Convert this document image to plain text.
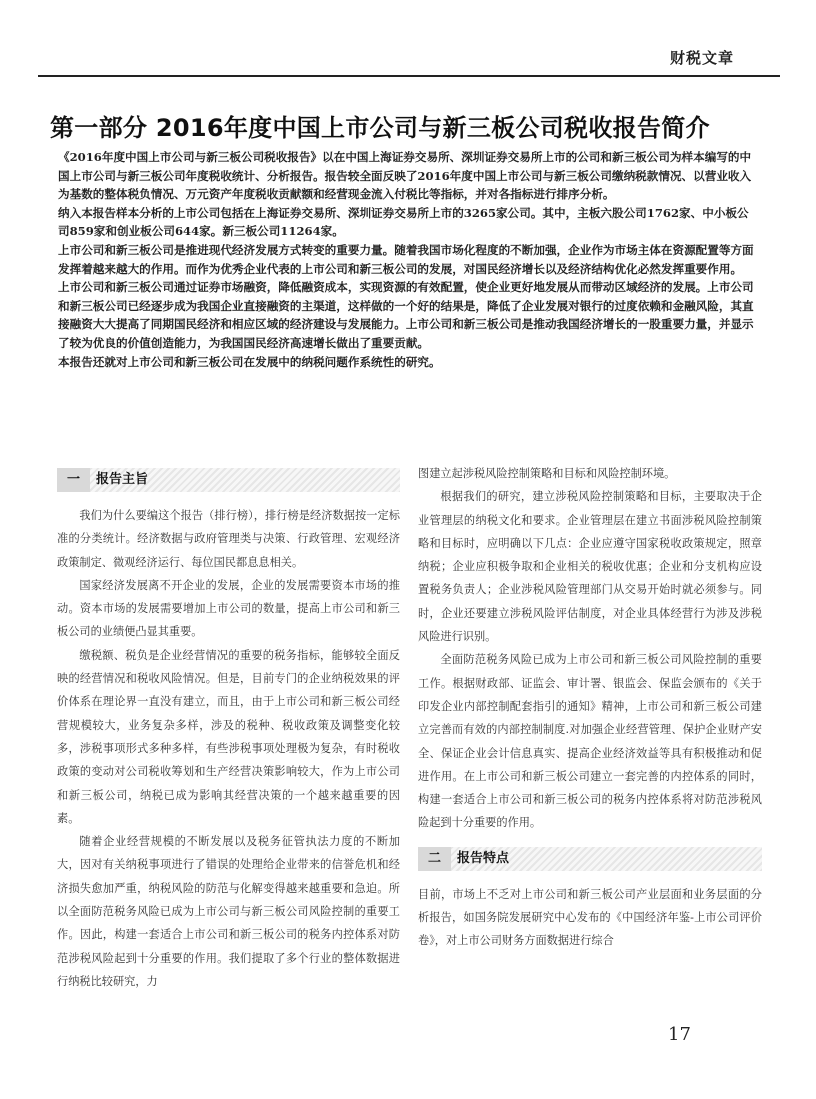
财税文章
第一部分 2016年度中国上市公司与新三板公司税收报告简介

《2016年度中国上市公司与新三板公司税收报告》以在中国上海证券交易所、深圳证券交易所上市的公司和新三板公司为样本编写的中国上市公司与新三板公司年度税收统计、分析报告。报告较全面反映了2016年度中国上市公司与新三板公司缴纳税款情况、以营业收入为基数的整体税负情况、万元资产年度税收贡献额和经营现金流入付税比等指标，并对各指标进行排序分析。

纳入本报告样本分析的上市公司包括在上海证券交易所、深圳证券交易所上市的3265家公司。其中，主板六股公司1762家、中小板公司859家和创业板公司644家。新三板公司11264家。

上市公司和新三板公司是推进现代经济发展方式转变的重要力量。随着我国市场化程度的不断加强，企业作为市场主体在资源配置等方面发挥着越来越大的作用。而作为优秀企业代表的上市公司和新三板公司的发展，对国民经济增长以及经济结构优化必然发挥重要作用。

上市公司和新三板公司通过证券市场融资，降低融资成本，实现资源的有效配置，使企业更好地发展从而带动区域经济的发展。上市公司和新三板公司已经逐步成为我国企业直接融资的主渠道，这样做的一个好的结果是，降低了企业发展对银行的过度依赖和金融风险，其直接融资大大提高了同期国民经济和相应区域的经济建设与发展能力。上市公司和新三板公司是推动我国经济增长的一股重要力量，并显示了较为优良的价值创造能力，为我国国民经济高速增长做出了重要贡献。

本报告还就对上市公司和新三板公司在发展中的纳税问题作系统性的研究。

一	报告主旨

我们为什么要编这个报告（排行榜），排行榜是经济数据按一定标准的分类统计。经济数据与政府管理类与决策、行政管理、宏观经济政策制定、微观经济运行、每位国民都息息相关。

国家经济发展离不开企业的发展，企业的发展需要资本市场的推动。资本市场的发展需要增加上市公司的数量，提高上市公司和新三板公司的业绩便凸显其重要。

缴税额、税负是企业经营情况的重要的税务指标，能够较全面反映的经营情况和税收风险情况。但是，目前专门的企业纳税效果的评价体系在理论界一直没有建立，而且，由于上市公司和新三板公司经营规模较大，业务复杂多样，涉及的税种、税收政策及调整变化较多，涉税事项形式多种多样，有些涉税事项处理极为复杂，有时税收政策的变动对公司税收筹划和生产经营决策影响较大，作为上市公司和新三板公司，纳税已成为影响其经营决策的一个越来越重要的因素。

随着企业经营规模的不断发展以及税务征管执法力度的不断加大，因对有关纳税事项进行了错误的处理给企业带来的信誉危机和经济损失愈加严重，纳税风险的防范与化解变得越来越重要和急迫。所以全面防范税务风险已成为上市公司与新三板公司风险控制的重要工作。因此，构建一套适合上市公司和新三板公司的税务内控体系对防范涉税风险起到十分重要的作用。我们提取了多个行业的整体数据进行纳税比较研究，力

图建立起涉税风险控制策略和目标和风险控制环境。

根据我们的研究，建立涉税风险控制策略和目标，主要取决于企业管理层的纳税文化和要求。企业管理层在建立书面涉税风险控制策略和目标时，应明确以下几点：企业应遵守国家税收政策规定，照章纳税；企业应积极争取和企业相关的税收优惠；企业和分支机构应设置税务负责人；企业涉税风险管理部门从交易开始时就必须参与。同时，企业还要建立涉税风险评估制度，对企业具体经营行为涉及涉税风险进行识别。

全面防范税务风险已成为上市公司和新三板公司风险控制的重要工作。根据财政部、证监会、审计署、银监会、保监会颁布的《关于印发企业内部控制配套指引的通知》精神，上市公司和新三板公司建立完善而有效的内部控制制度.对加强企业经营管理、保护企业财产安全、保证企业会计信息真实、提高企业经济效益等具有积极推动和促进作用。在上市公司和新三板公司建立一套完善的内控体系的同时，构建一套适合上市公司和新三板公司的税务内控体系将对防范涉税风险起到十分重要的作用。

二	报告特点

目前，市场上不乏对上市公司和新三板公司产业层面和业务层面的分析报告，如国务院发展研究中心发布的《中国经济年鉴-上市公司评价卷》，对上市公司财务方面数据进行综合

17
